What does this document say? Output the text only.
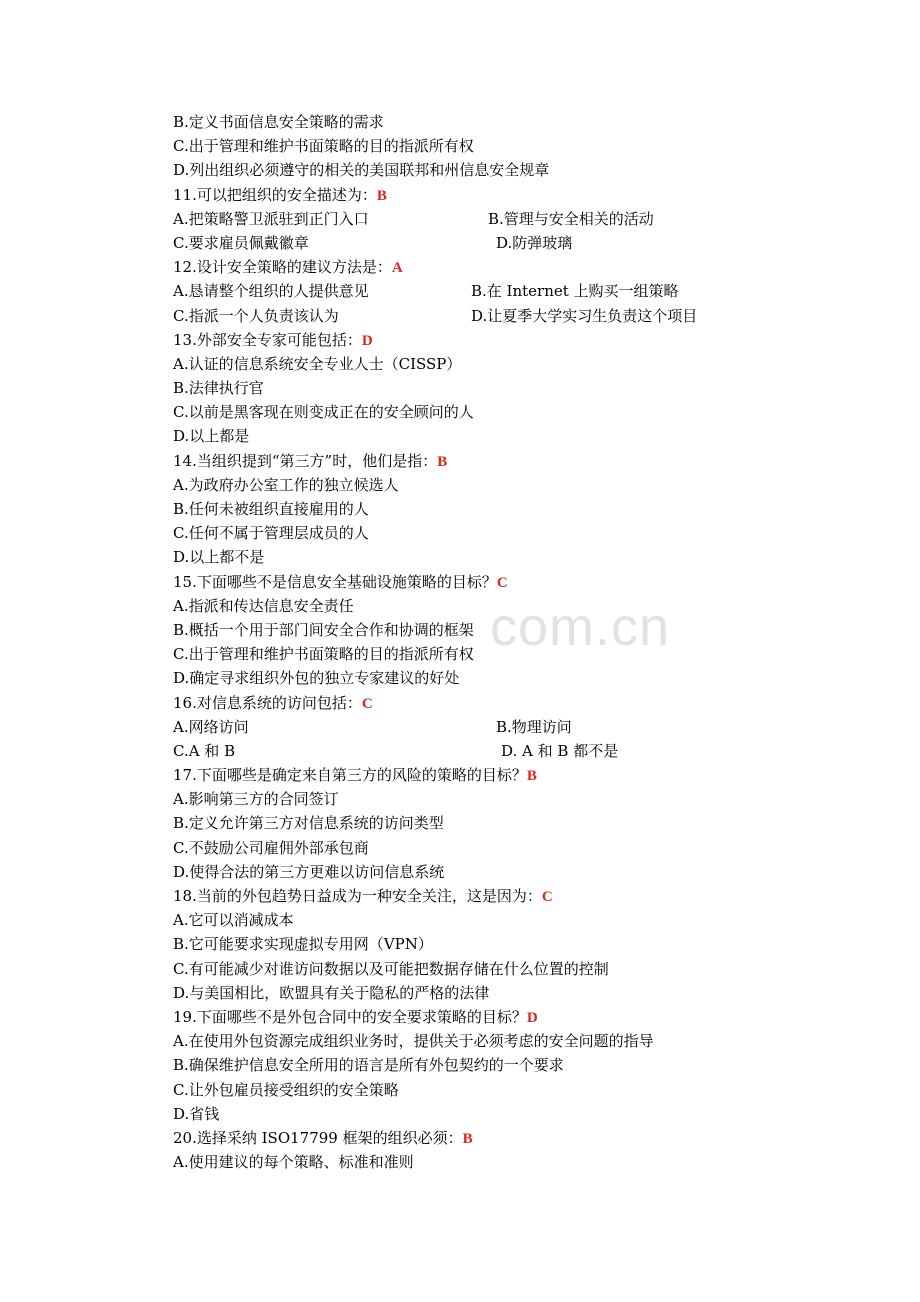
com.cn
B.定义书面信息安全策略的需求
C.出于管理和维护书面策略的目的指派所有权
D.列出组织必须遵守的相关的美国联邦和州信息安全规章
11.可以把组织的安全描述为：B
A.把策略警卫派驻到正门入口	B.管理与安全相关的活动
C.要求雇员佩戴徽章	D.防弹玻璃
12.设计安全策略的建议方法是：A
A.恳请整个组织的人提供意见	B.在 Internet 上购买一组策略
C.指派一个人负责该认为	D.让夏季大学实习生负责这个项目
13.外部安全专家可能包括：D
A.认证的信息系统安全专业人士（CISSP）
B.法律执行官
C.以前是黑客现在则变成正在的安全顾问的人
D.以上都是
14.当组织提到“第三方”时，他们是指：B
A.为政府办公室工作的独立候选人
B.任何未被组织直接雇用的人
C.任何不属于管理层成员的人
D.以上都不是
15.下面哪些不是信息安全基础设施策略的目标？C
A.指派和传达信息安全责任
B.概括一个用于部门间安全合作和协调的框架
C.出于管理和维护书面策略的目的指派所有权
D.确定寻求组织外包的独立专家建议的好处
16.对信息系统的访问包括：C
A.网络访问	B.物理访问
C.A 和 B	D. A 和 B 都不是
17.下面哪些是确定来自第三方的风险的策略的目标？B
A.影响第三方的合同签订
B.定义允许第三方对信息系统的访问类型
C.不鼓励公司雇佣外部承包商
D.使得合法的第三方更难以访问信息系统
18.当前的外包趋势日益成为一种安全关注，这是因为：C
A.它可以消减成本
B.它可能要求实现虚拟专用网（VPN）
C.有可能减少对谁访问数据以及可能把数据存储在什么位置的控制
D.与美国相比，欧盟具有关于隐私的严格的法律
19.下面哪些不是外包合同中的安全要求策略的目标？D
A.在使用外包资源完成组织业务时，提供关于必须考虑的安全问题的指导
B.确保维护信息安全所用的语言是所有外包契约的一个要求
C.让外包雇员接受组织的安全策略
D.省钱
20.选择采纳 ISO17799 框架的组织必须：B
A.使用建议的每个策略、标准和准则
